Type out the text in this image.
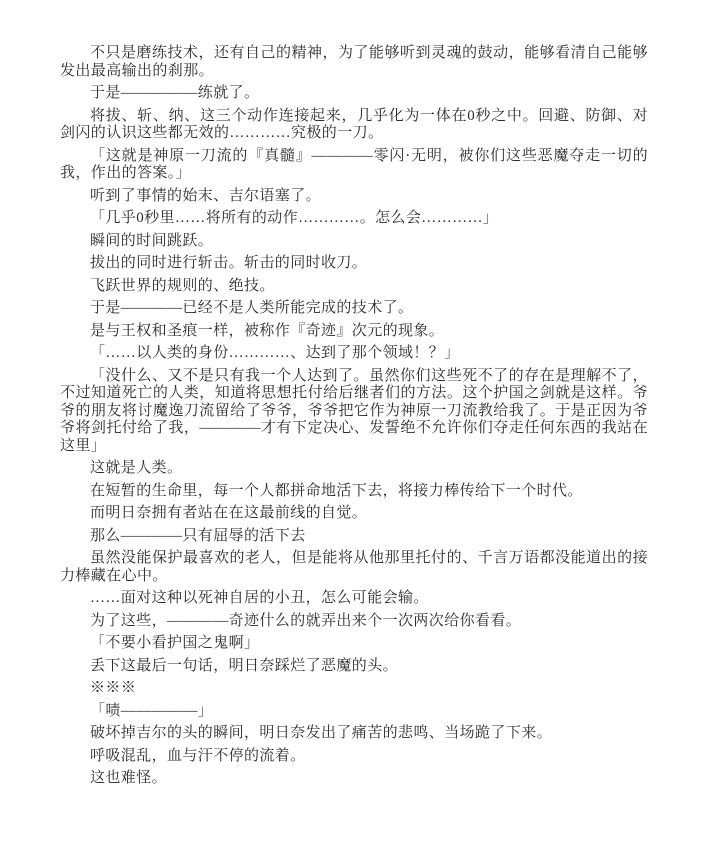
不只是磨练技术，还有自己的精神，为了能够听到灵魂的鼓动，能够看清自己能够发出最高输出的刹那。

于是—————练就了。

将拔、斩、纳、这三个动作连接起来，几乎化为一体在0秒之中。回避、防御、对剑闪的认识这些都无效的…………究极的一刀。

「这就是神原一刀流的『真髓』————零闪·无明，被你们这些恶魔夺走一切的我，作出的答案。」

听到了事情的始末、吉尔语塞了。

「几乎0秒里……将所有的动作…………。怎么会…………」

瞬间的时间跳跃。

拔出的同时进行斩击。斩击的同时收刀。

飞跃世界的规则的、绝技。

于是————已经不是人类所能完成的技术了。

是与王权和圣痕一样，被称作『奇迹』次元的现象。

「……以人类的身份…………、达到了那个领域！？」

「没什么、又不是只有我一个人达到了。虽然你们这些死不了的存在是理解不了，不过知道死亡的人类，知道将思想托付给后继者们的方法。这个护国之剑就是这样。爷爷的朋友将讨魔逸刀流留给了爷爷，爷爷把它作为神原一刀流教给我了。于是正因为爷爷将剑托付给了我，————才有下定决心、发誓绝不允许你们夺走任何东西的我站在这里」

这就是人类。

在短暂的生命里，每一个人都拼命地活下去，将接力棒传给下一个时代。

而明日奈拥有者站在在这最前线的自觉。

那么————只有屈辱的活下去

虽然没能保护最喜欢的老人，但是能将从他那里托付的、千言万语都没能道出的接力棒藏在心中。

……面对这种以死神自居的小丑，怎么可能会输。

为了这些，————奇迹什么的就弄出来个一次两次给你看看。

「不要小看护国之鬼啊」

丢下这最后一句话，明日奈踩烂了恶魔的头。

※※※

「啧—————」

破坏掉吉尔的头的瞬间，明日奈发出了痛苦的悲鸣、当场跪了下来。

呼吸混乱，血与汗不停的流着。

这也难怪。
